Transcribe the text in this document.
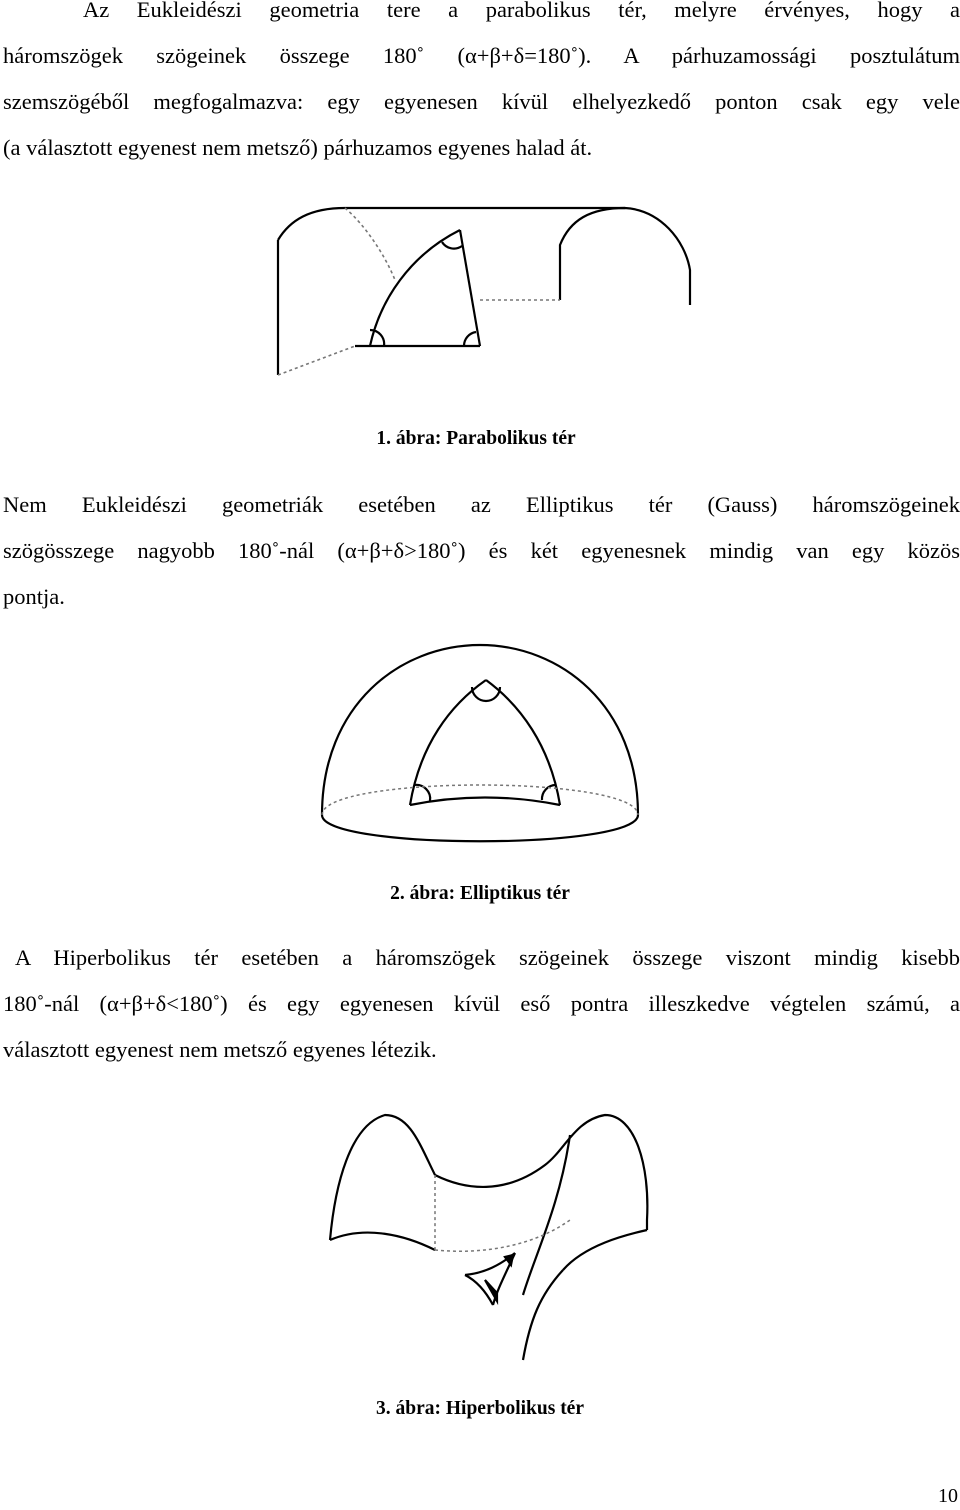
Az Eukleidészi geometria tere a parabolikus tér, melyre érvényes, hogy a
háromszögek szögeinek összege 180˚ (α+β+δ=180˚). A párhuzamossági posztulátum
szemszögéből megfogalmazva: egy egyenesen kívül elhelyezkedő ponton csak egy vele
(a választott egyenest nem metsző) párhuzamos egyenes halad át.

1. ábra: Parabolikus tér

Nem Eukleidészi geometriák esetében az Elliptikus tér (Gauss) háromszögeinek
szögösszege nagyobb 180˚-nál (α+β+δ>180˚) és két egyenesnek mindig van egy közös
pontja.

2. ábra: Elliptikus tér

A Hiperbolikus tér esetében a háromszögek szögeinek összege viszont mindig kisebb
180˚-nál (α+β+δ<180˚) és egy egyenesen kívül eső pontra illeszkedve végtelen számú, a
választott egyenest nem metsző egyenes létezik.

3. ábra: Hiperbolikus tér
10
